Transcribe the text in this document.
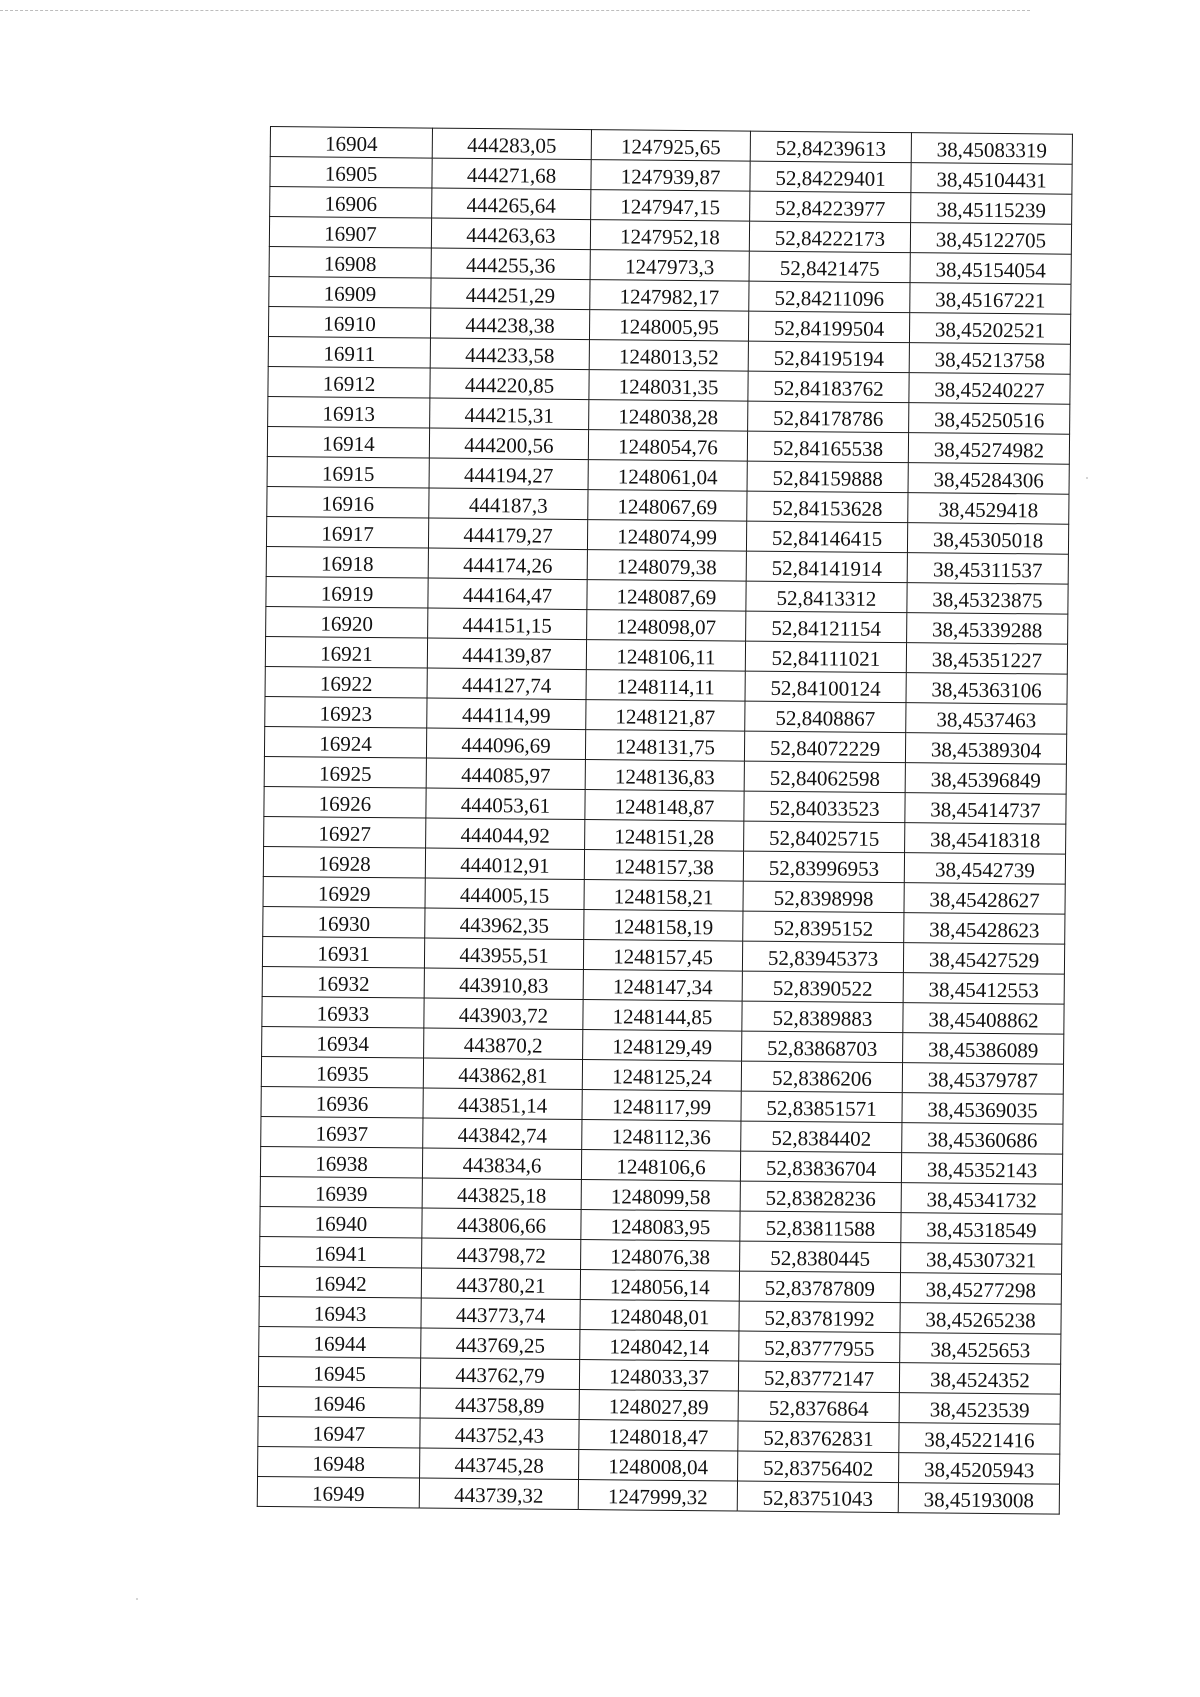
16904	444283,05	1247925,65	52,84239613	38,45083319
16905	444271,68	1247939,87	52,84229401	38,45104431
16906	444265,64	1247947,15	52,84223977	38,45115239
16907	444263,63	1247952,18	52,84222173	38,45122705
16908	444255,36	1247973,3	52,8421475	38,45154054
16909	444251,29	1247982,17	52,84211096	38,45167221
16910	444238,38	1248005,95	52,84199504	38,45202521
16911	444233,58	1248013,52	52,84195194	38,45213758
16912	444220,85	1248031,35	52,84183762	38,45240227
16913	444215,31	1248038,28	52,84178786	38,45250516
16914	444200,56	1248054,76	52,84165538	38,45274982
16915	444194,27	1248061,04	52,84159888	38,45284306
16916	444187,3	1248067,69	52,84153628	38,4529418
16917	444179,27	1248074,99	52,84146415	38,45305018
16918	444174,26	1248079,38	52,84141914	38,45311537
16919	444164,47	1248087,69	52,8413312	38,45323875
16920	444151,15	1248098,07	52,84121154	38,45339288
16921	444139,87	1248106,11	52,84111021	38,45351227
16922	444127,74	1248114,11	52,84100124	38,45363106
16923	444114,99	1248121,87	52,8408867	38,4537463
16924	444096,69	1248131,75	52,84072229	38,45389304
16925	444085,97	1248136,83	52,84062598	38,45396849
16926	444053,61	1248148,87	52,84033523	38,45414737
16927	444044,92	1248151,28	52,84025715	38,45418318
16928	444012,91	1248157,38	52,83996953	38,4542739
16929	444005,15	1248158,21	52,8398998	38,45428627
16930	443962,35	1248158,19	52,8395152	38,45428623
16931	443955,51	1248157,45	52,83945373	38,45427529
16932	443910,83	1248147,34	52,8390522	38,45412553
16933	443903,72	1248144,85	52,8389883	38,45408862
16934	443870,2	1248129,49	52,83868703	38,45386089
16935	443862,81	1248125,24	52,8386206	38,45379787
16936	443851,14	1248117,99	52,83851571	38,45369035
16937	443842,74	1248112,36	52,8384402	38,45360686
16938	443834,6	1248106,6	52,83836704	38,45352143
16939	443825,18	1248099,58	52,83828236	38,45341732
16940	443806,66	1248083,95	52,83811588	38,45318549
16941	443798,72	1248076,38	52,8380445	38,45307321
16942	443780,21	1248056,14	52,83787809	38,45277298
16943	443773,74	1248048,01	52,83781992	38,45265238
16944	443769,25	1248042,14	52,83777955	38,4525653
16945	443762,79	1248033,37	52,83772147	38,4524352
16946	443758,89	1248027,89	52,8376864	38,4523539
16947	443752,43	1248018,47	52,83762831	38,45221416
16948	443745,28	1248008,04	52,83756402	38,45205943
16949	443739,32	1247999,32	52,83751043	38,45193008
